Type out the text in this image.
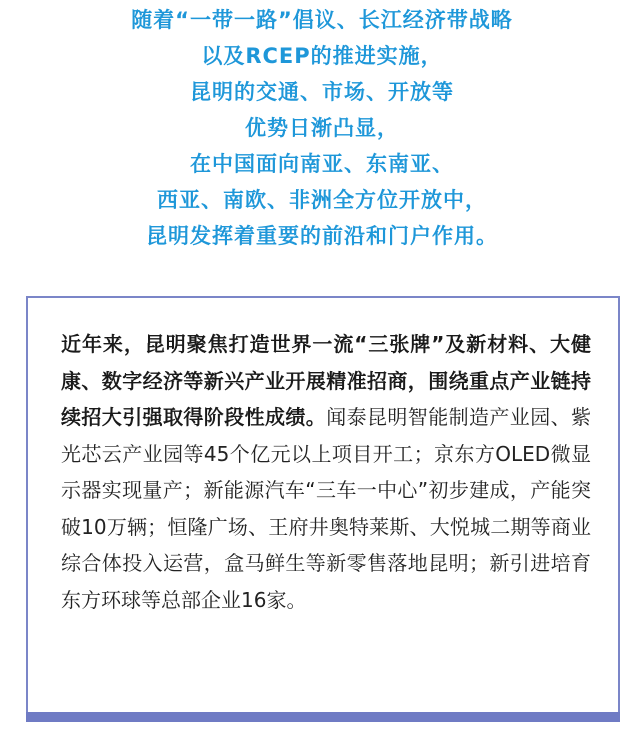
随着“一带一路”倡议、长江经济带战略
以及RCEP的推进实施，
昆明的交通、市场、开放等
优势日渐凸显，
在中国面向南亚、东南亚、
西亚、南欧、非洲全方位开放中，
昆明发挥着重要的前沿和门户作用。

近年来，昆明聚焦打造世界一流“三张牌”及新材料、大健康、数字经济等新兴产业开展精准招商，围绕重点产业链持续招大引强取得阶段性成绩。闻泰昆明智能制造产业园、紫光芯云产业园等45个亿元以上项目开工；京东方OLED微显示器实现量产；新能源汽车“三车一中心”初步建成，产能突破10万辆；恒隆广场、王府井奥特莱斯、大悦城二期等商业综合体投入运营，盒马鲜生等新零售落地昆明；新引进培育东方环球等总部企业16家。
